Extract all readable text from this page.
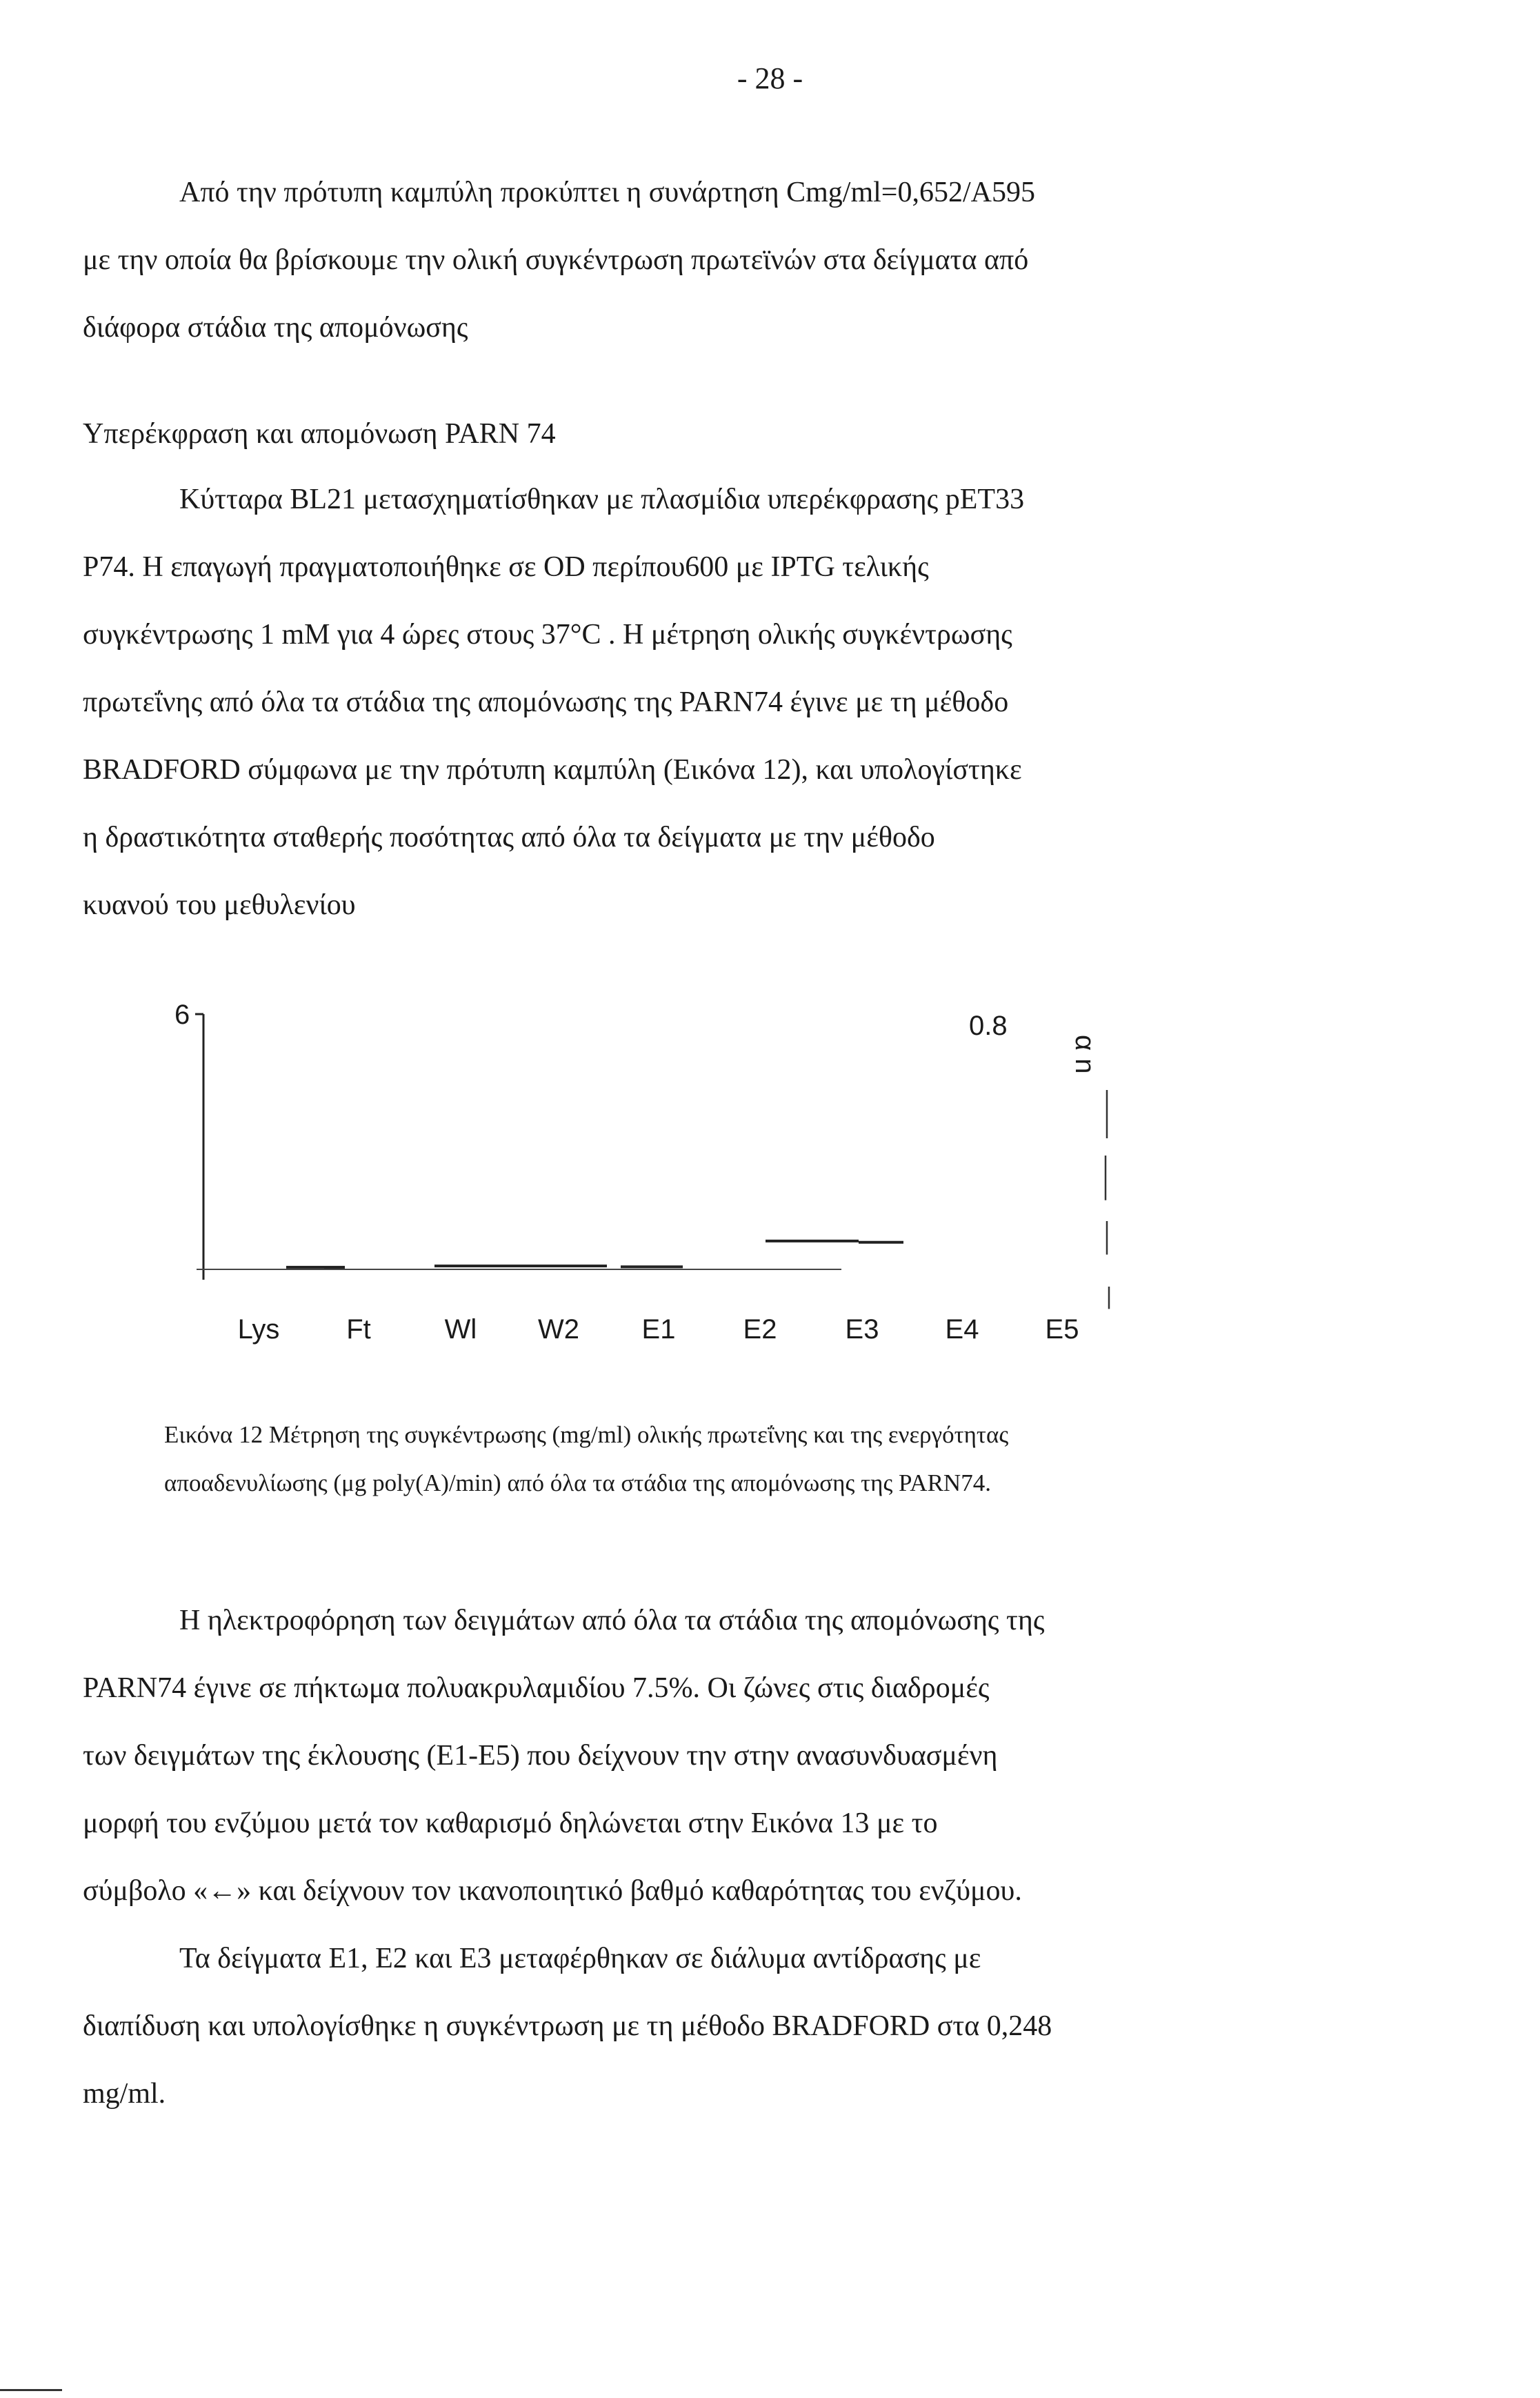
- 28 -

Από την πρότυπη καμπύλη προκύπτει η συνάρτηση Cmg/ml=0,652/A595
με την οποία θα βρίσκουμε την ολική συγκέντρωση πρωτεϊνών στα δείγματα από
διάφορα στάδια της απομόνωσης

Υπερέκφραση και απομόνωση PARN 74

Κύτταρα BL21 μετασχηματίσθηκαν με πλασμίδια υπερέκφρασης pET33
P74. Η επαγωγή πραγματοποιήθηκε σε OD περίπου600 με IPTG τελικής
συγκέντρωσης 1 mM για 4 ώρες στους 37°C . Η μέτρηση ολικής συγκέντρωσης
πρωτεΐνης από όλα τα στάδια της απομόνωσης της PARN74 έγινε με τη μέθοδο
BRADFORD σύμφωνα με την πρότυπη καμπύλη (Εικόνα 12), και υπολογίστηκε
η δραστικότητα σταθερής ποσότητας από όλα τα δείγματα με την μέθοδο
κυανού του μεθυλενίου

6	0.8
α n
Lys Ft	Wl W2 E1 E2 E3 E4 E5

Εικόνα 12 Μέτρηση της συγκέντρωσης (mg/ml) ολικής πρωτεΐνης και της ενεργότητας
αποαδενυλίωσης (μg poly(A)/min) από όλα τα στάδια της απομόνωσης της PARN74.

Η ηλεκτροφόρηση των δειγμάτων από όλα τα στάδια της απομόνωσης της
PARN74 έγινε σε πήκτωμα πολυακρυλαμιδίου 7.5%. Οι ζώνες στις διαδρομές
των δειγμάτων της έκλουσης (Ε1-Ε5) που δείχνουν την στην ανασυνδυασμένη
μορφή του ενζύμου μετά τον καθαρισμό δηλώνεται στην Εικόνα 13 με το
σύμβολο «←» και δείχνουν τον ικανοποιητικό βαθμό καθαρότητας του ενζύμου.
Τα δείγματα Ε1, Ε2 και Ε3 μεταφέρθηκαν σε διάλυμα αντίδρασης με
διαπίδυση και υπολογίσθηκε η συγκέντρωση με τη μέθοδο BRADFORD στα 0,248
mg/ml.
